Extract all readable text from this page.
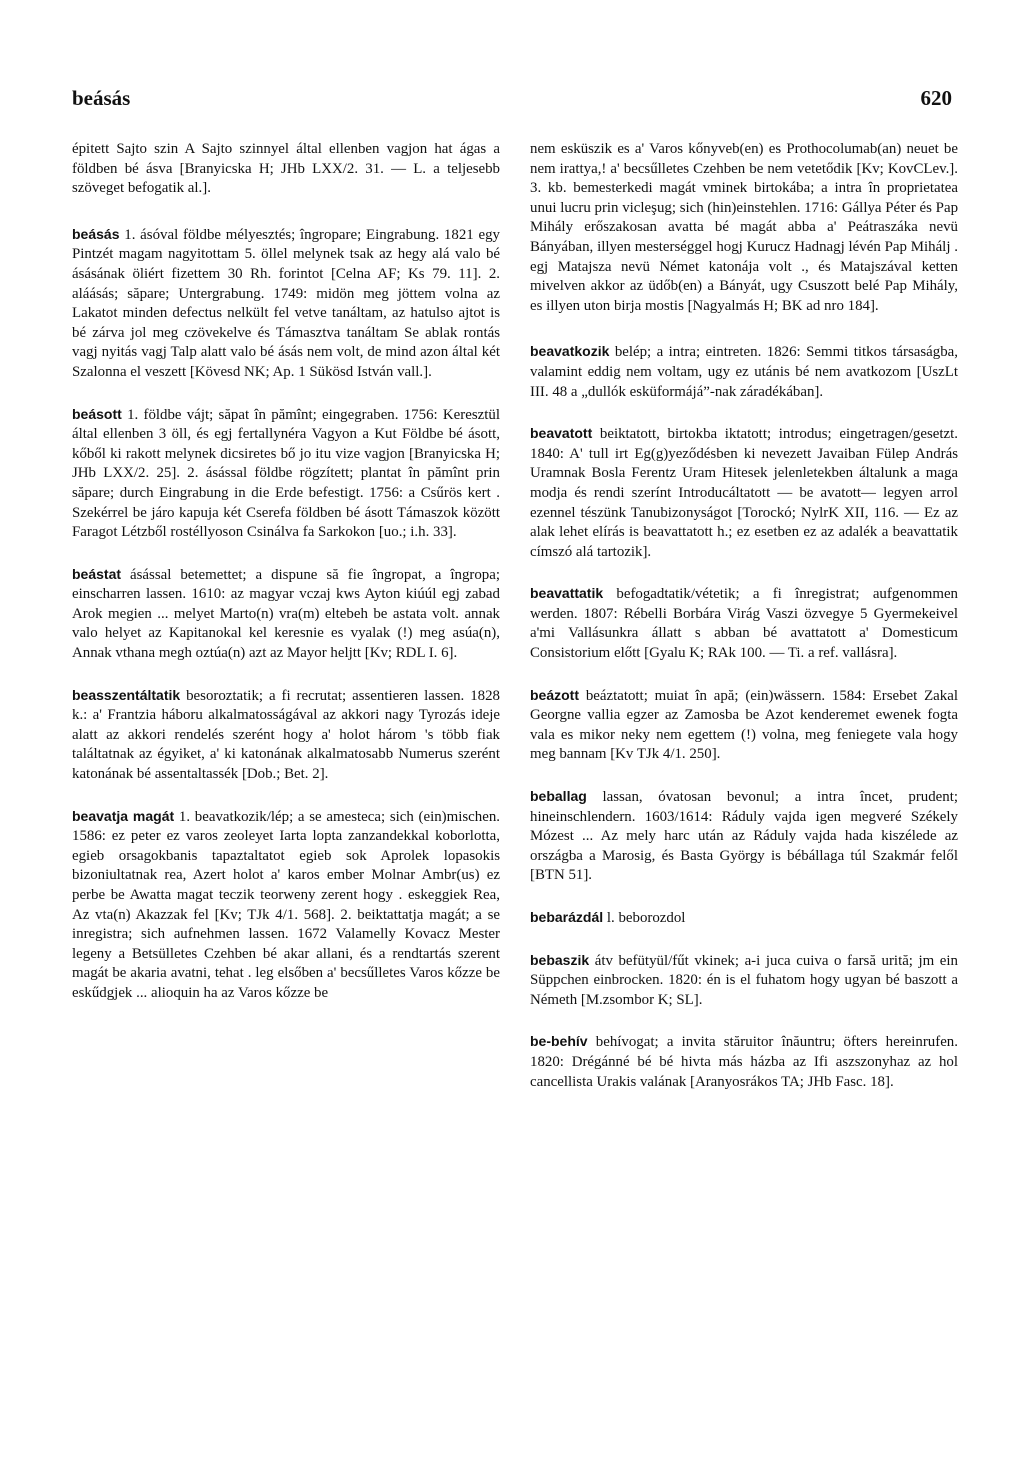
beásás	620

épitett Sajto szin A Sajto szinnyel által ellenben vagjon hat ágas a földben bé ásva [Branyicska H; JHb LXX/2. 31. — L. a teljesebb szöveget befogatik al.].

beásás 1. ásóval földbe mélyesztés; îngropare; Eingrabung. 1821 egy Pintzét magam nagyitottam 5. öllel melynek tsak az hegy alá valo bé ásásának öliért fizettem 30 Rh. forintot [Celna AF; Ks 79. 11]. 2. aláásás; săpare; Untergrabung. 1749: midön meg jöttem volna az Lakatot minden defectus nelkült fel vetve tanáltam, az hatulso ajtot is bé zárva jol meg czövekelve és Támasztva tanáltam Se ablak rontás vagj nyitás vagj Talp alatt valo bé ásás nem volt, de mind azon által két Szalonna el veszett [Kövesd NK; Ap. 1 Sükösd István vall.].

beásott 1. földbe vájt; săpat în pămînt; eingegraben. 1756: Keresztül által ellenben 3 öll, és egj fertallynéra Vagyon a Kut Földbe bé ásott, kőből ki rakott melynek dicsiretes bő jo itu vize vagjon [Branyicska H; JHb LXX/2. 25]. 2. ásással földbe rögzített; plantat în pămînt prin săpare; durch Eingrabung in die Erde befestigt. 1756: a Csűrös kert . Szekérrel be járo kapuja két Cserefa földben bé ásott Támaszok között Faragot Létzből rostéllyoson Csinálva fa Sarkokon [uo.; i.h. 33].

beástat ásással betemettet; a dispune să fie îngropat, a îngropa; einscharren lassen. 1610: az magyar vczaj kws Ayton kiúúl egj zabad Arok megien ... melyet Marto(n) vra(m) eltebeh be astata volt. annak valo helyet az Kapitanokal kel keresnie es vyalak (!) meg asúa(n), Annak vthana megh oztúa(n) azt az Mayor heljtt [Kv; RDL I. 6].

beasszentáltatik besoroztatik; a fi recrutat; assentieren lassen. 1828 k.: a' Frantzia háboru alkalmatosságával az akkori nagy Tyrozás ideje alatt az akkori rendelés szerént hogy a' holot három 's több fiak találtatnak az égyiket, a' ki katonának alkalmatosabb Numerus szerént katonának bé assentaltassék [Dob.; Bet. 2].

beavatja magát 1. beavatkozik/lép; a se amesteca; sich (ein)mischen. 1586: ez peter ez varos zeoleyet Iarta lopta zanzandekkal koborlotta, egieb orsagokbanis tapaztaltatot egieb sok Aprolek lopasokis bizoniultatnak rea, Azert holot a' karos ember Molnar Ambr(us) ez perbe be Awatta magat teczik teorweny zerent hogy . eskeggiek Rea, Az vta(n) Akazzak fel [Kv; TJk 4/1. 568]. 2. beiktattatja magát; a se inregistra; sich aufnehmen lassen. 1672 Valamelly Kovacz Mester legeny a Betsülletes Czehben bé akar allani, és a rendtartás szerent magát be akaria avatni, tehat . leg elsőben a' becsűlletes Varos kőzze be eskűdgjek ... alioquin ha az Varos kőzze be

nem esküszik es a' Varos kőnyveb(en) es Prothocolumab(an) neuet be nem irattya,! a' becsűlletes Czehben be nem vetetődik [Kv; KovCLev.]. 3. kb. bemesterkedi magát vminek birtokába; a intra în proprietatea unui lucru prin vicleşug; sich (hin)einstehlen. 1716: Gállya Péter és Pap Mihály erőszakosan avatta bé magát abba a' Peátraszáka nevü Bányában, illyen mesterséggel hogj Kurucz Hadnagj lévén Pap Mihálj . egj Matajsza nevü Német katonája volt ., és Matajszával ketten mivelven akkor az üdőb(en) a Bányát, ugy Csuszott belé Pap Mihály, es illyen uton birja mostis [Nagyalmás H; BK ad nro 184].

beavatkozik belép; a intra; eintreten. 1826: Semmi titkos társaságba, valamint eddig nem voltam, ugy ez utánis bé nem avatkozom [UszLt III. 48 a „dullók esküformájá”-nak záradékában].

beavatott beiktatott, birtokba iktatott; introdus; eingetragen/gesetzt. 1840: A' tull irt Eg(g)yeződésben ki nevezett Javaiban Fülep András Uramnak Bosla Ferentz Uram Hitesek jelenletekben általunk a maga modja és rendi szerínt Introducáltatott — be avatott— legyen arrol ezennel tészünk Tanubizonyságot [Torockó; NylrK XII, 116. — Ez az alak lehet elírás is beavattatott h.; ez esetben ez az adalék a beavattatik címszó alá tartozik].

beavattatik befogadtatik/vétetik; a fi înregistrat; aufgenommen werden. 1807: Rébelli Borbára Virág Vaszi özvegye 5 Gyermekeivel a'mi Vallásunkra állatt s abban bé avattatott a' Domesticum Consistorium előtt [Gyalu K; RAk 100. — Ti. a ref. vallásra].

beázott beáztatott; muiat în apă; (ein)wässern. 1584: Ersebet Zakal Georgne vallia egzer az Zamosba be Azot kenderemet ewenek fogta vala es mikor neky nem egettem (!) volna, meg feniegete vala hogy meg bannam [Kv TJk 4/1. 250].

beballag lassan, óvatosan bevonul; a intra încet, prudent; hineinschlendern. 1603/1614: Ráduly vajda igen megveré Székely Mózest ... Az mely harc után az Ráduly vajda hada kiszélede az országba a Marosig, és Basta György is bébállaga túl Szakmár felől [BTN 51].

bebarázdál l. beborozdol

bebaszik átv befütyül/fűt vkinek; a-i juca cuiva o farsă urită; jm ein Süppchen einbrocken. 1820: én is el fuhatom hogy ugyan bé baszott a Németh [M.zsombor K; SL].

be-behív behívogat; a invita stăruitor înăuntru; öfters hereinrufen. 1820: Drégánné bé bé hivta más házba az Ifi aszszonyhaz az hol cancellista Urakis valának [Aranyosrákos TA; JHb Fasc. 18].
